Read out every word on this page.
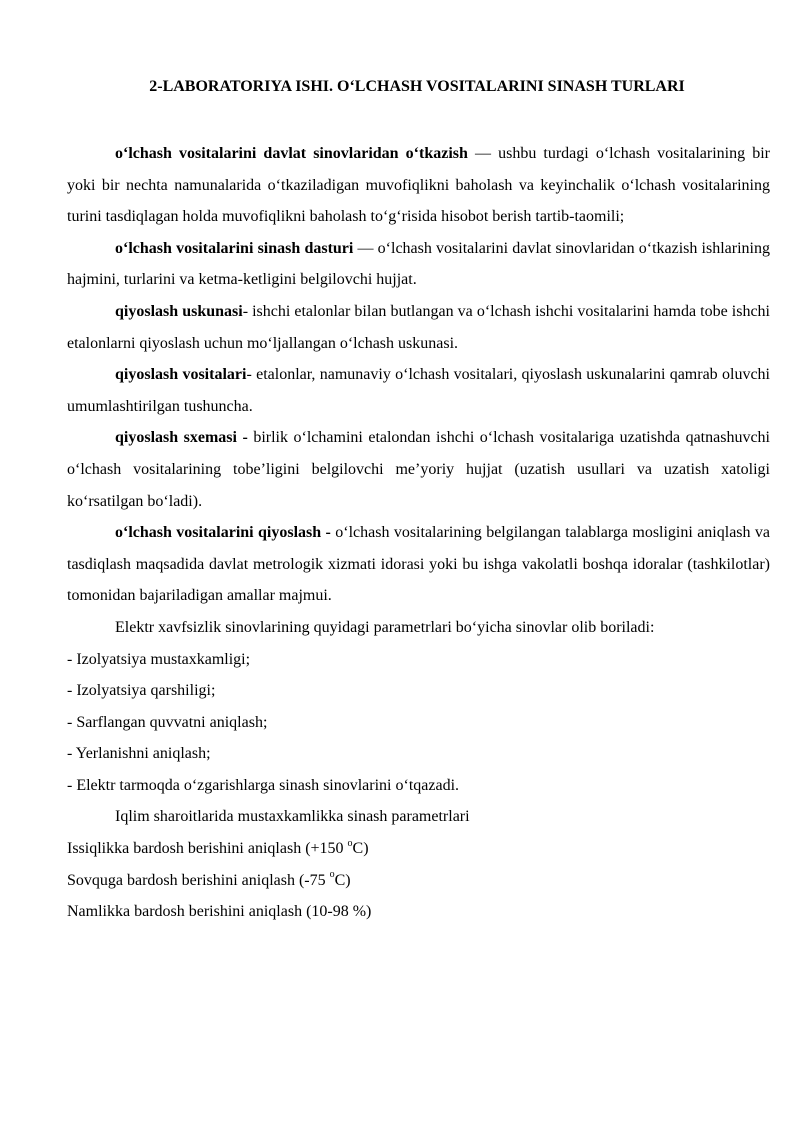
2-LABORATORIYA ISHI. O‘LCHASH VOSITALARINI SINASH TURLARI

o‘lchash vositalarini davlat sinovlaridan o‘tkazish — ushbu turdagi o‘lchash vositalarining bir yoki bir nechta namunalarida o‘tkaziladigan muvofiqlikni baholash va keyinchalik o‘lchash vositalarining turini tasdiqlagan holda muvofiqlikni baholash to‘g‘risida hisobot berish tartib-taomili;

o‘lchash vositalarini sinash dasturi — o‘lchash vositalarini davlat sinovlaridan o‘tkazish ishlarining hajmini, turlarini va ketma-ketligini belgilovchi hujjat.

qiyoslash uskunasi- ishchi etalonlar bilan butlangan va o‘lchash ishchi vositalarini hamda tobe ishchi etalonlarni qiyoslash uchun mo‘ljallangan o‘lchash uskunasi.

qiyoslash vositalari- etalonlar, namunaviy o‘lchash vositalari, qiyoslash uskunalarini qamrab oluvchi umumlashtirilgan tushuncha.

qiyoslash sxemasi - birlik o‘lchamini etalondan ishchi o‘lchash vositalariga uzatishda qatnashuvchi o‘lchash vositalarining tobe’ligini belgilovchi me’yoriy hujjat (uzatish usullari va uzatish xatoligi ko‘rsatilgan bo‘ladi).

o‘lchash vositalarini qiyoslash - o‘lchash vositalarining belgilangan talablarga mosligini aniqlash va tasdiqlash maqsadida davlat metrologik xizmati idorasi yoki bu ishga vakolatli boshqa idoralar (tashkilotlar) tomonidan bajariladigan amallar majmui.

Elektr xavfsizlik sinovlarining quyidagi parametrlari bo‘yicha sinovlar olib boriladi:

- Izolyatsiya mustaxkamligi;

- Izolyatsiya qarshiligi;

- Sarflangan quvvatni aniqlash;

- Yerlanishni aniqlash;

- Elektr tarmoqda o‘zgarishlarga sinash sinovlarini o‘tqazadi.

Iqlim sharoitlarida mustaxkamlikka sinash parametrlari

Issiqlikka bardosh berishini aniqlash (+150 $^o$C)

Sovquga bardosh berishini aniqlash (-75 $^o$C)

Namlikka bardosh berishini aniqlash (10-98 %)
